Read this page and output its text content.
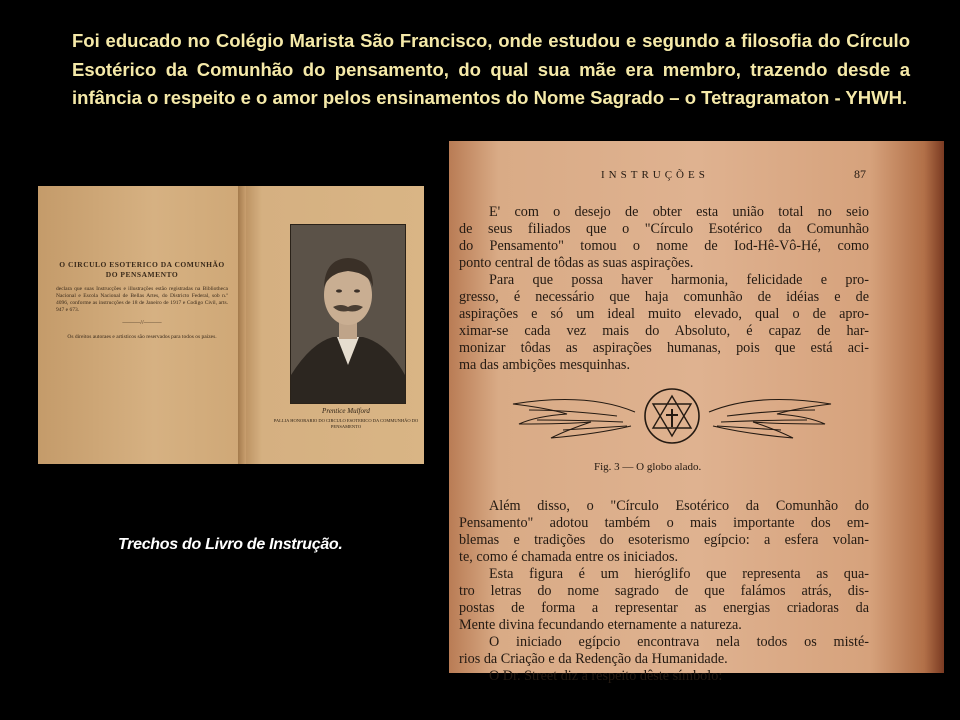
Foi educado no Colégio Marista São Francisco, onde estudou e segundo a filosofia do Círculo Esotérico da Comunhão do pensamento, do qual sua mãe era membro, trazendo desde a infância o respeito e o amor pelos ensinamentos do Nome Sagrado – o Tetragramaton - YHWH.

O CIRCULO ESOTERICO DA COMUNHÃO DO PENSAMENTO
declara que suas Instrucções e illustrações estão registradas na Bibliotheca Nacional e Escola Nacional de Bellas Artes, do Districto Federal, sob n.º 4096, conforme as instrucções de 18 de Janeiro de 1917 e Codigo Civil, arts. 947 e 673.
———//———
Os direitos autoraes e artisticos são reservados para todos os paizes.
Prentice Mulford
PALLIA HONORARIO DO CIRCULO ESOTERICO DA COMMUNHÃO DO PENSAMENTO
Trechos do Livro de Instrução.
INSTRUÇÕES	87
E' com o desejo de obter esta união total no seio
de seus filiados que o "Círculo Esotérico da Comunhão
do Pensamento" tomou o nome de Iod-Hê-Vô-Hé, como
ponto central de tôdas as suas aspirações.
Para que possa haver harmonia, felicidade e pro-
gresso, é necessário que haja comunhão de idéias e de
aspirações e só um ideal muito elevado, qual o de apro-
ximar-se cada vez mais do Absoluto, é capaz de har-
monizar tôdas as aspirações humanas, pois que está aci-
ma das ambições mesquinhas.
Fig. 3 — O globo alado.
Além disso, o "Círculo Esotérico da Comunhão do
Pensamento" adotou também o mais importante dos em-
blemas e tradições do esoterismo egípcio: a esfera volan-
te, como é chamada entre os iniciados.
Esta figura é um hieróglifo que representa as qua-
tro letras do nome sagrado de que falámos atrás, dis-
postas de forma a representar as energias criadoras da
Mente divina fecundando eternamente a natureza.
O iniciado egípcio encontrava nela todos os misté-
rios da Criação e da Redenção da Humanidade.
O Dr. Street diz a respeito dêste símbolo:
